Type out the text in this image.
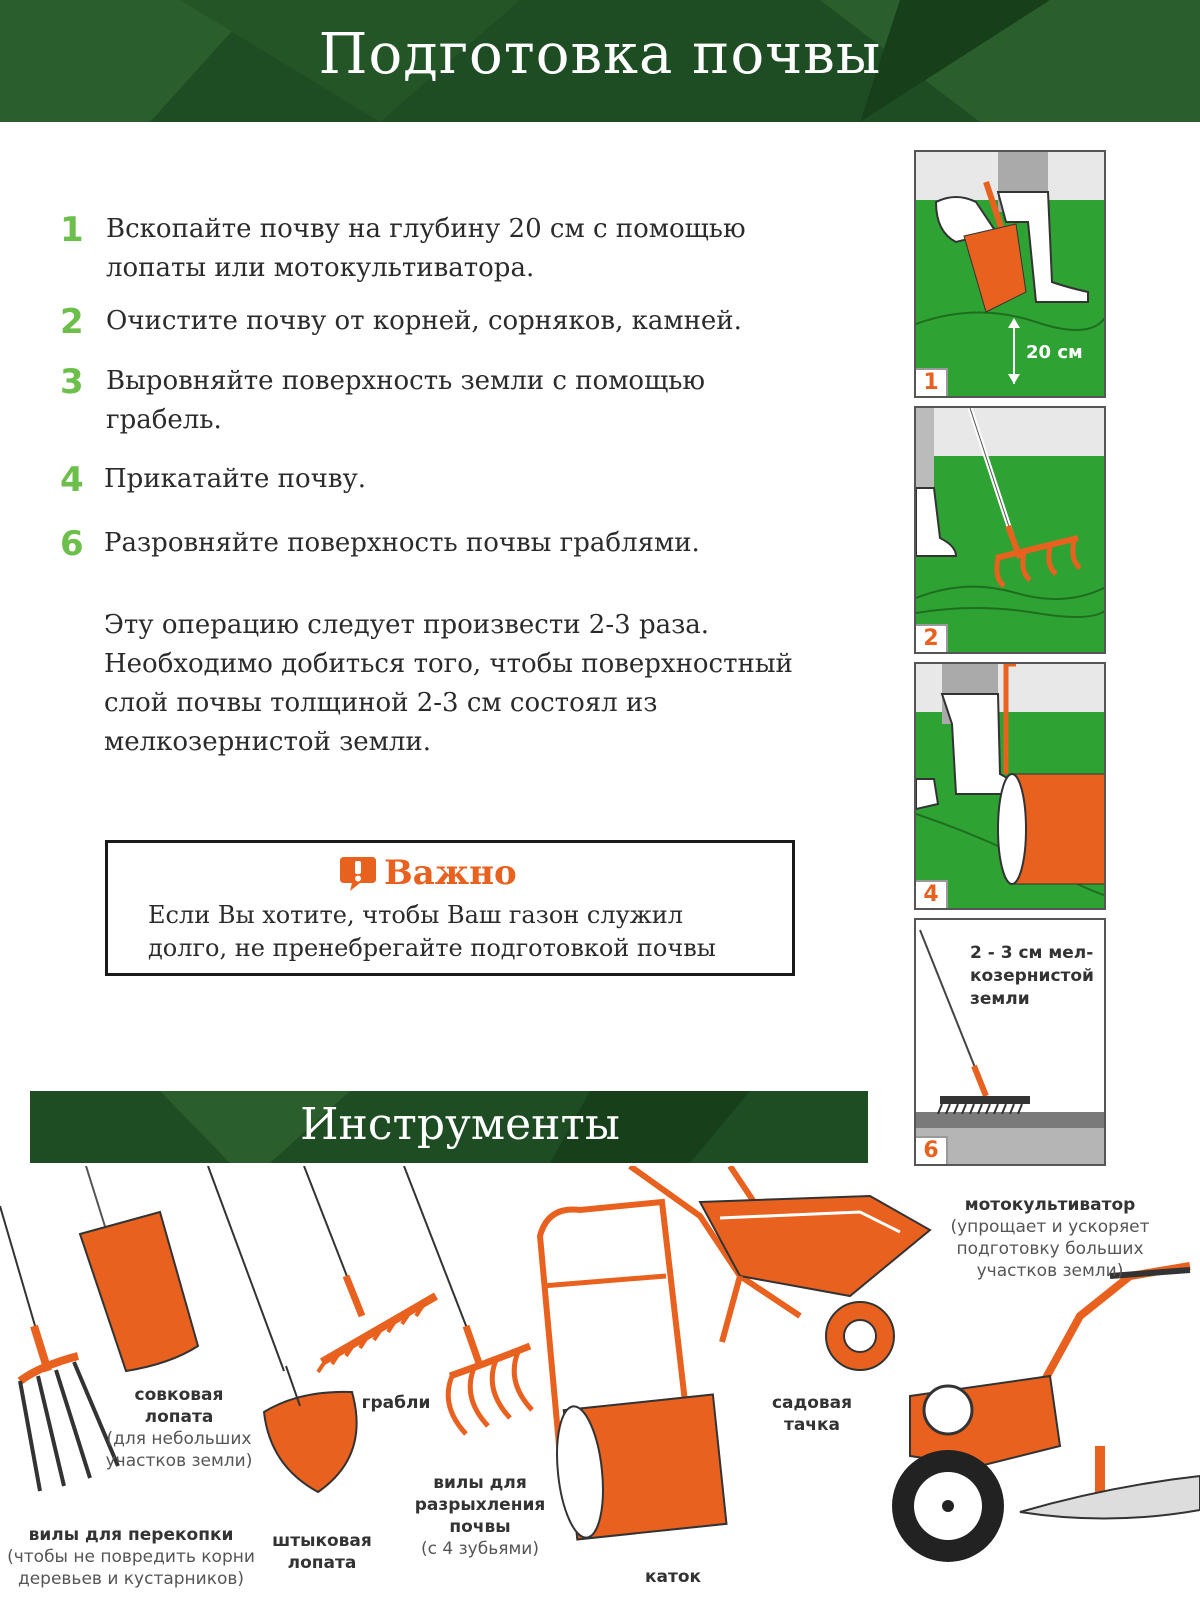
Подготовка почвы
1 Вскопайте почву на глубину 20 см с помощью лопаты или мотокультиватора.
2 Очистите почву от корней, сорняков, камней.
3 Выровняйте поверхность земли с помощью грабель.
4 Прикатайте почву.
6 Разровняйте поверхность почвы граблями.
Эту операцию следует произвести 2-3 раза. Необходимо добиться того, чтобы поверхностный слой почвы толщиной 2-3 см состоял из мелкозернистой земли.
Важно
Если Вы хотите, чтобы Ваш газон служил долго, не пренебрегайте подготовкой почвы
20 см
1
2
4
2 - 3 см мел-козернистой земли
6
Инструменты
вилы для перекопки
(чтобы не повредить корни деревьев и кустарников)
совковая лопата
(для небольших участков земли)
штыковая лопата
грабли
вилы для разрыхления почвы
(с 4 зубьями)
каток
садовая тачка
мотокультиватор
(упрощает и ускоряет подготовку больших участков земли)
